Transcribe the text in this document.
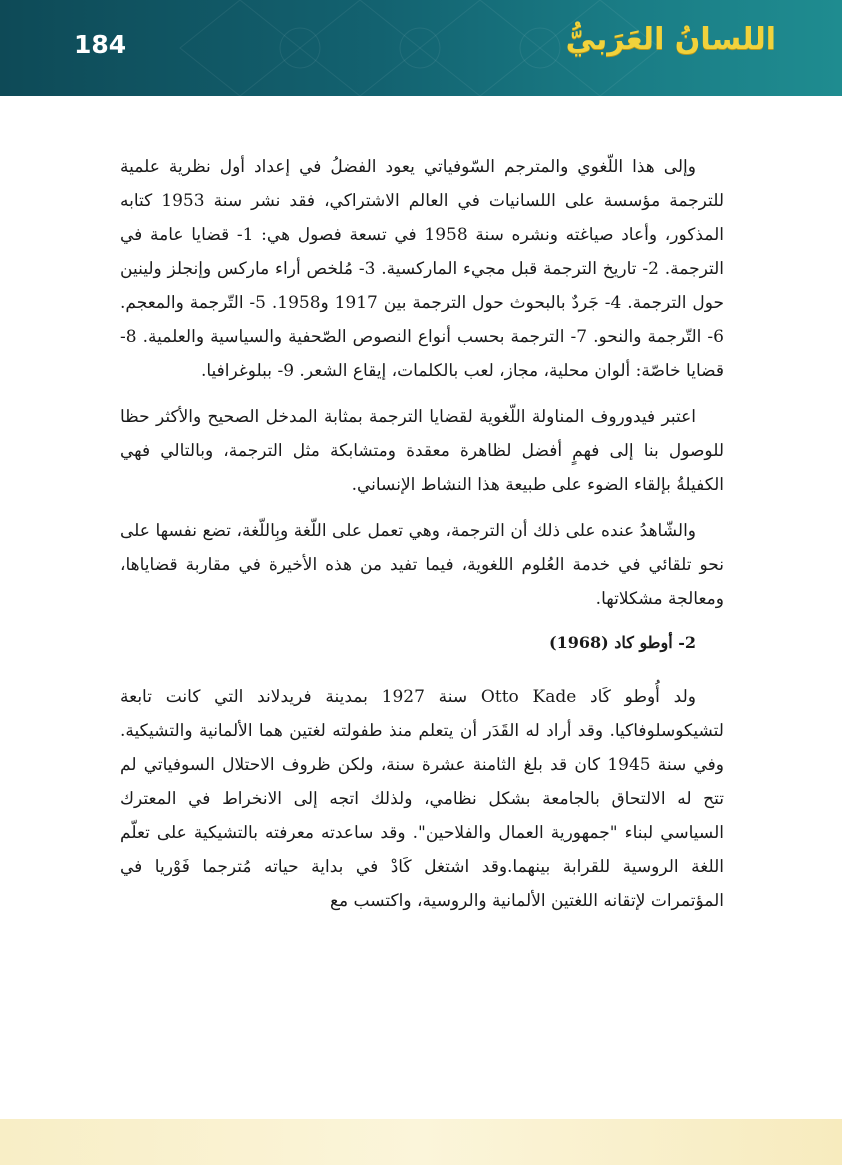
184	اللسانُ العَرَبيُّ

وإلى هذا اللّغوي والمترجم السّوفياتي يعود الفضلُ في إعداد أول نظرية علمية للترجمة مؤسسة على اللسانيات في العالم الاشتراكي، فقد نشر سنة 1953 كتابه المذكور، وأعاد صياغته ونشره سنة 1958 في تسعة فصول هي: 1- قضايا عامة في الترجمة. 2- تاريخ الترجمة قبل مجيء الماركسية. 3- مُلخص أراء ماركس وإنجلز ولينين حول الترجمة. 4- جَردٌ بالبحوث حول الترجمة بين 1917 و1958. 5- التّرجمة والمعجم. 6- التّرجمة والنحو. 7- الترجمة بحسب أنواع النصوص الصّحفية والسياسية والعلمية. 8- قضايا خاصّة: ألوان محلية، مجاز، لعب بالكلمات، إيقاع الشعر. 9- ببلوغرافيا.

اعتبر فيدوروف المناولة اللّغوية لقضايا الترجمة بمثابة المدخل الصحيح والأكثر حظا للوصول بنا إلى فهمٍ أفضل لظاهرة معقدة ومتشابكة مثل الترجمة، وبالتالي فهي الكفيلةُ بإلقاء الضوء على طبيعة هذا النشاط الإنساني.

والشّاهدُ عنده على ذلك أن الترجمة، وهي تعمل على اللّغة وبِاللّغة، تضع نفسها على نحو تلقائي في خدمة العُلوم اللغوية، فيما تفيد من هذه الأخيرة في مقاربة قضاياها، ومعالجة مشكلاتها.

2- أوطو كاد (1968)

ولد أُوطو كَاد Otto Kade سنة 1927 بمدينة فريدلاند التي كانت تابعة لتشيكوسلوفاكيا. وقد أراد له القَدَر أن يتعلم منذ طفولته لغتين هما الألمانية والتشيكية. وفي سنة 1945 كان قد بلغ الثامنة عشرة سنة، ولكن ظروف الاحتلال السوفياتي لم تتح له الالتحاق بالجامعة بشكل نظامي، ولذلك اتجه إلى الانخراط في المعترك السياسي لبناء "جمهورية العمال والفلاحين". وقد ساعدته معرفته بالتشيكية على تعلّم اللغة الروسية للقرابة بينهما.وقد اشتغل كَادْ في بداية حياته مُترجما فَوْريا في المؤتمرات لإتقانه اللغتين الألمانية والروسية، واكتسب مع
